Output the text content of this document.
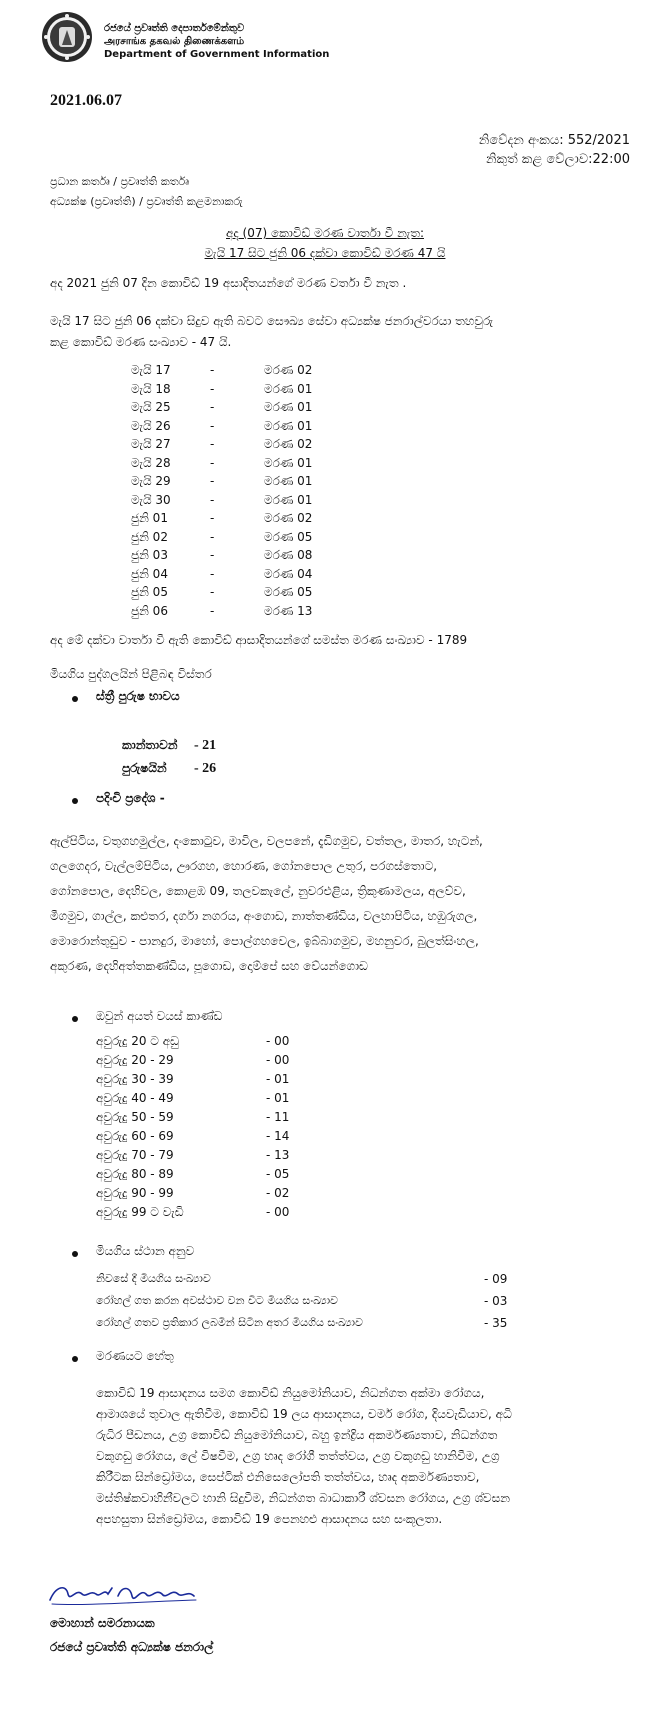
රජයේ ප්‍රවෘත්ති දෙපාර්තමේන්තුව
அரசாங்க தகவல் திணைக்களம்
Department of Government Information
2021.06.07
නිවේදන අංකය: 552/2021
නිකුත් කළ වේලාව:22:00
ප්‍රධාන කර්තෘ / ප්‍රවෘත්ති කර්තෘ
අධ්‍යක්ෂ (ප්‍රවෘත්ති) / ප්‍රවෘත්ති කළමනාකරු
අද (07) කොවිඩ් මරණ වාර්තා වී නැත:
මැයි 17 සිට ජුනි 06 දක්වා කොවිඩ් මරණ 47 යි
අද 2021 ජුනි 07 දින කොවිඩ් 19 අසාදිතයන්ගේ මරණ වර්තා වී නැත .
මැයි 17 සිට ජුනි 06 දක්වා සිදුව ඇති බවට සෞඛ්‍ය සේවා අධ්‍යක්ෂ ජනරාල්වරයා තහවුරු
කළ කොවිඩ් මරණ සංඛ්‍යාව - 47 යි.
මැයි 17	-	මරණ 02
මැයි 18	-	මරණ 01
මැයි 25	-	මරණ 01
මැයි 26	-	මරණ 01
මැයි 27	-	මරණ 02
මැයි 28	-	මරණ 01
මැයි 29	-	මරණ 01
මැයි 30	-	මරණ 01
ජුනි 01	-	මරණ 02
ජුනි 02	-	මරණ 05
ජුනි 03	-	මරණ 08
ජුනි 04	-	මරණ 04
ජුනි 05	-	මරණ 05
ජුනි 06	-	මරණ 13
අද මේ දක්වා වාර්තා වී ඇති කොවිඩ් ආසාදිතයන්ගේ සමස්ත මරණ සංඛ්‍යාව - 1789
මියගිය පුද්ගලයින් පිළිබඳ විස්තර
ස්ත්‍රී පුරුෂ භාවය
කාන්තාවන් - 21
පුරුෂයින් - 26
පදිංචි ප්‍රදේශ -
ඇල්පිටිය, වතුගහමුල්ල, දංකොටුව, මාවිල, වලපනේ, දැඩිගමුව, වත්තල, මාතර, හැටන්,
ගලගෙදර, වැල්ලම්පිටිය, ඌරගහ, හොරණ, ගෝනපොල උතුර, පරගස්තොට,
ගෝනපොල, දෙහිවල, කොළඹ 09, තලවකැලේ, නුවරඑළිය, ත්‍රිකුණාමලය, අලව්ව,
මීගමුව, ගාල්ල, කළුතර, දර්ගා නගරය, අංගොඩ, නාත්තණ්ඩිය, වලහාපිටිය, හඹුරුගල,
මොරොන්තුඩුව - පානදුර, මාහෝ, පොල්ගහවෙල, ඉබ්බාගමුව, මහනුවර, බුලත්සිංහල,
අකුරණ, දෙහිඅත්තකණ්ඩිය, පූගොඩ, දොම්පේ සහ වේයන්ගොඩ
ඔවුන් අයත් වයස් කාණ්ඩ
අවුරුදු 20 ට අඩු	- 00
අවුරුදු 20 - 29	- 00
අවුරුදු 30 - 39	- 01
අවුරුදු 40 - 49	- 01
අවුරුදු 50 - 59	- 11
අවුරුදු 60 - 69	- 14
අවුරුදු 70 - 79	- 13
අවුරුදු 80 - 89	- 05
අවුරුදු 90 - 99	- 02
අවුරුදු 99 ට වැඩි	- 00
මියගිය ස්ථාන අනුව
නිවසේ දී මියගිය සංඛ්‍යාව	- 09
රෝහල් ගත කරන අවස්ථාව වන විට මියගිය සංඛ්‍යාව	- 03
රෝහල් ගතව ප්‍රතිකාර ලබමින් සිටින අතර මියගිය සංඛ්‍යාව	- 35
මරණයට හේතු
කොවිඩ් 19 ආසාදනය සමග කොවිඩ් නියුමෝනියාව, නිධන්ගත අක්මා රෝගය,
ආමාශයේ තුවාල ඇතිවීම, කොවිඩ් 19 ලය ආසාදනය, චර්ම රෝග, දියවැඩියාව, අධි
රුධිර පීඩනය, උග්‍ර කොවිඩ් නියුමෝනියාව, බහු ඉන්ද්‍රිය අකර්මණ්‍යතාව, නිධන්ගත
වකුගඩු රෝගය, ලේ විෂවීම, උග්‍ර හෘද රෝගී තත්ත්වය, උග්‍ර වකුගඩු හානිවීම, උග්‍ර
කිරීටක සින්ඩ්‍රෝමය, සෙප්ටික් එනිසෙලෝපති තත්ත්වය, හෘද අකර්මණ්‍යතාව,
මස්තිෂ්කවාහිනීවලට හානි සිදුවීම, නිධන්ගත බාධාකාරී ශ්වසන රෝගය, උග්‍ර ශ්වසන
අපහසුතා සින්ඩ්‍රෝමය, කොවිඩ් 19 පෙනහළු ආසාදනය සහ සංකූලතා.
මොහාන් සමරනායක
රජයේ ප්‍රවෘත්ති අධ්‍යක්ෂ ජනරාල්
